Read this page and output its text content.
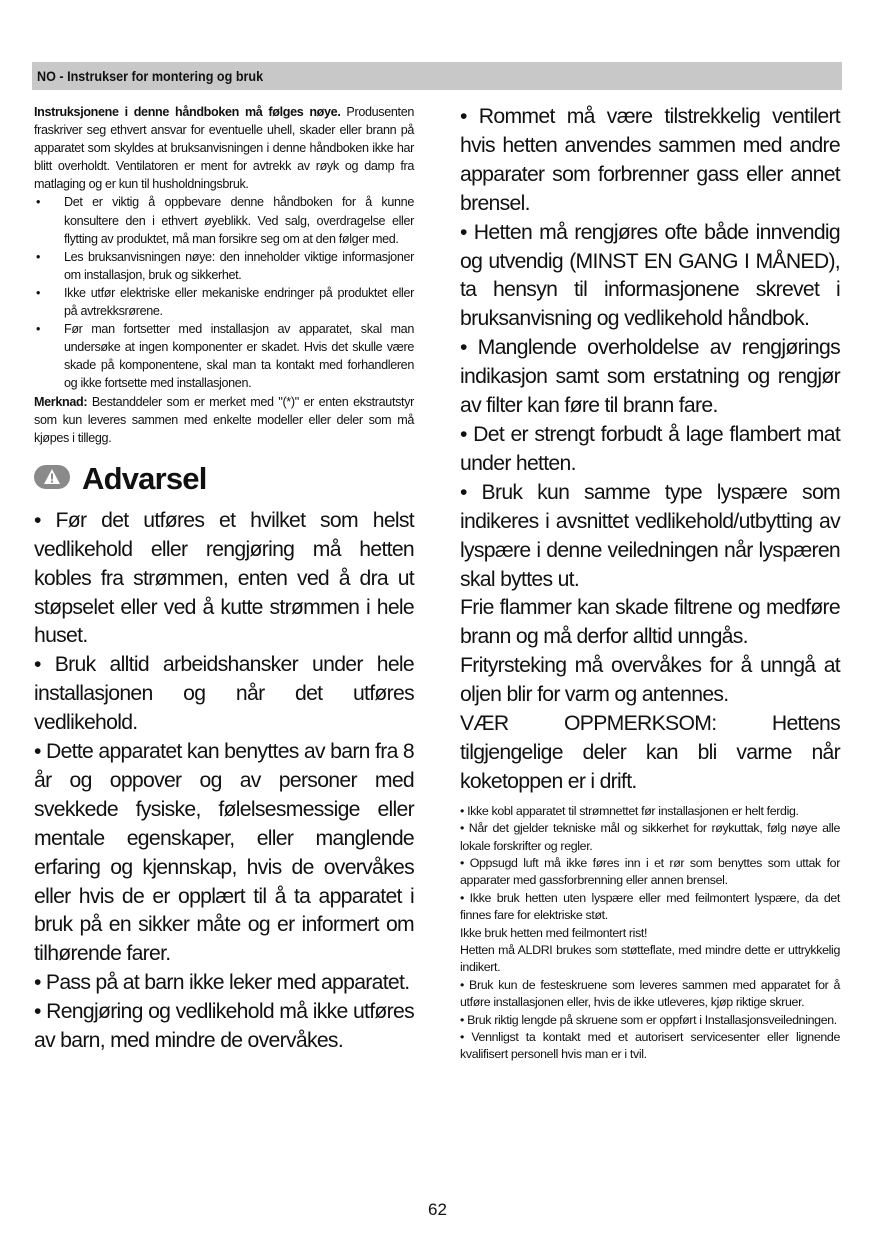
NO - Instrukser for montering og bruk

Instruksjonene i denne håndboken må følges nøye. Produsenten fraskriver seg ethvert ansvar for eventuelle uhell, skader eller brann på apparatet som skyldes at bruksanvisningen i denne håndboken ikke har blitt overholdt. Ventilatoren er ment for avtrekk av røyk og damp fra matlaging og er kun til husholdningsbruk.

• Det er viktig å oppbevare denne håndboken for å kunne konsultere den i ethvert øyeblikk. Ved salg, overdragelse eller flytting av produktet, må man forsikre seg om at den følger med.
• Les bruksanvisningen nøye: den inneholder viktige informasjoner om installasjon, bruk og sikkerhet.
• Ikke utfør elektriske eller mekaniske endringer på produktet eller på avtrekksrørene.
• Før man fortsetter med installasjon av apparatet, skal man undersøke at ingen komponenter er skadet. Hvis det skulle være skade på komponentene, skal man ta kontakt med forhandleren og ikke fortsette med installasjonen.

Merknad: Bestanddeler som er merket med "(*)" er enten ekstrautstyr som kun leveres sammen med enkelte modeller eller deler som må kjøpes i tillegg.

Advarsel

• Før det utføres et hvilket som helst vedlikehold eller rengjøring må hetten kobles fra strømmen, enten ved å dra ut støpselet eller ved å kutte strømmen i hele huset.

• Bruk alltid arbeidshansker under hele installasjonen og når det utføres vedlikehold.

• Dette apparatet kan benyttes av barn fra 8 år og oppover og av personer med svekkede fysiske, følelsesmessige eller mentale egenskaper, eller manglende erfaring og kjennskap, hvis de overvåkes eller hvis de er opplært til å ta apparatet i bruk på en sikker måte og er informert om tilhørende farer.

• Pass på at barn ikke leker med apparatet.

• Rengjøring og vedlikehold må ikke utføres av barn, med mindre de overvåkes.

• Rommet må være tilstrekkelig ventilert hvis hetten anvendes sammen med andre apparater som forbrenner gass eller annet brensel.

• Hetten må rengjøres ofte både innvendig og utvendig (MINST EN GANG I MÅNED), ta hensyn til informasjonene skrevet i bruksanvisning og vedlikehold håndbok.

• Manglende overholdelse av rengjørings indikasjon samt som erstatning og rengjør av filter kan føre til brann fare.

• Det er strengt forbudt å lage flambert mat under hetten.

• Bruk kun samme type lyspære som indikeres i avsnittet vedlikehold/utbytting av lyspære i denne veiledningen når lyspæren skal byttes ut.

Frie flammer kan skade filtrene og medføre brann og må derfor alltid unngås.

Frityrsteking må overvåkes for å unngå at oljen blir for varm og antennes.

VÆR OPPMERKSOM: Hettens tilgjengelige deler kan bli varme når koketoppen er i drift.

• Ikke kobl apparatet til strømnettet før installasjonen er helt ferdig.

• Når det gjelder tekniske mål og sikkerhet for røykuttak, følg nøye alle lokale forskrifter og regler.

• Oppsugd luft må ikke føres inn i et rør som benyttes som uttak for apparater med gassforbrenning eller annen brensel.

• Ikke bruk hetten uten lyspære eller med feilmontert lyspære, da det finnes fare for elektriske støt.

Ikke bruk hetten med feilmontert rist!

Hetten må ALDRI brukes som støtteflate, med mindre dette er uttrykkelig indikert.

• Bruk kun de festeskruene som leveres sammen med apparatet for å utføre installasjonen eller, hvis de ikke utleveres, kjøp riktige skruer.

• Bruk riktig lengde på skruene som er oppført i Installasjonsveiledningen.

• Vennligst ta kontakt med et autorisert servicesenter eller lignende kvalifisert personell hvis man er i tvil.

62
